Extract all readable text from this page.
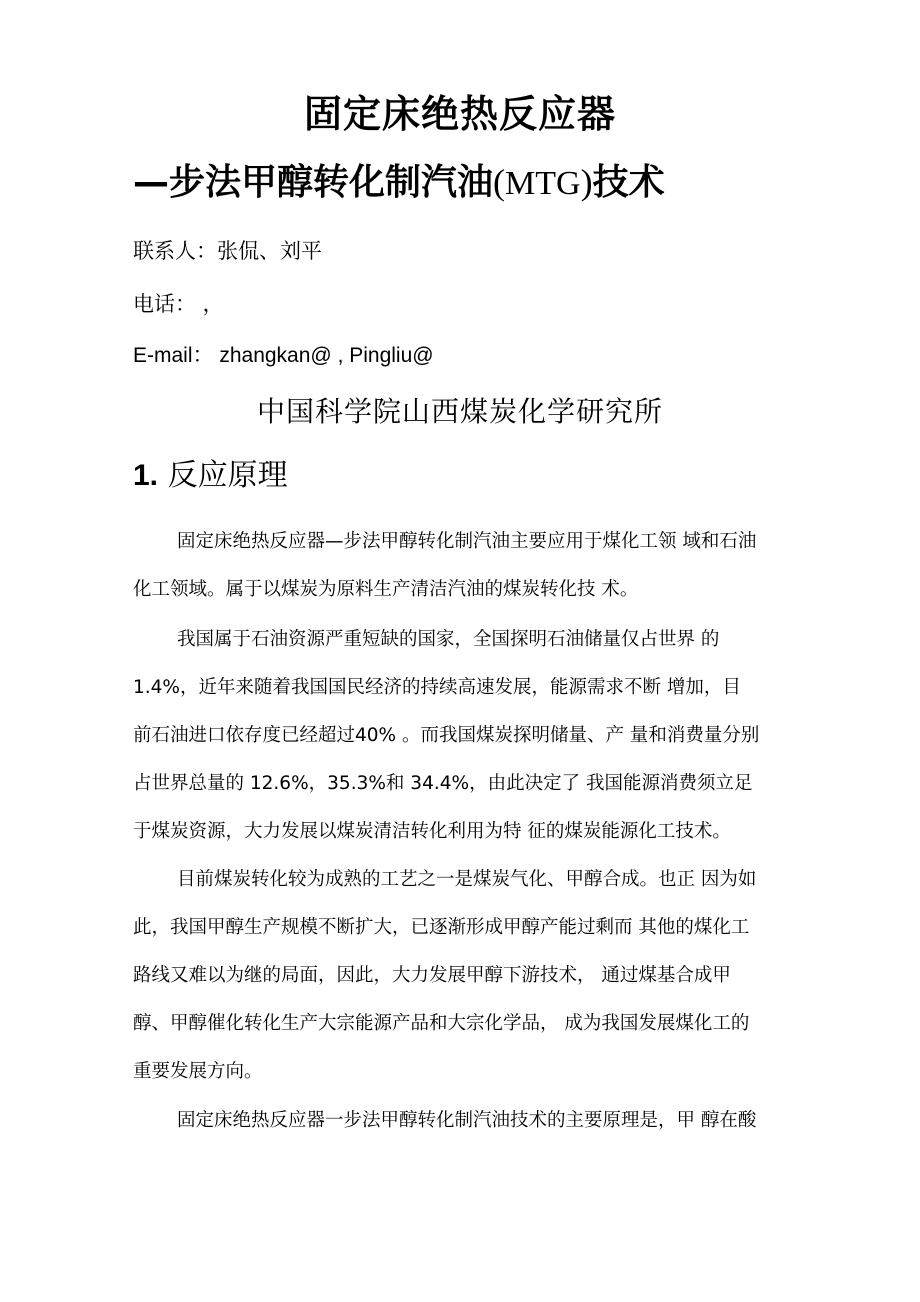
固定床绝热反应器
—步法甲醇转化制汽油(MTG)技术
联系人：张侃、刘平
电话： ，
E-mail： zhangkan@ , Pingliu@
中国科学院山西煤炭化学研究所
1. 反应原理
固定床绝热反应器—步法甲醇转化制汽油主要应用于煤化工领 域和石油
化工领域。属于以煤炭为原料生产清洁汽油的煤炭转化技 术。
我国属于石油资源严重短缺的国家，全国探明石油储量仅占世界 的
1.4%，近年来随着我国国民经济的持续高速发展，能源需求不断 增加，目
前石油进口依存度已经超过40% 。而我国煤炭探明储量、产 量和消费量分别
占世界总量的 12.6%，35.3%和 34.4%，由此决定了 我国能源消费须立足
于煤炭资源，大力发展以煤炭清洁转化利用为特 征的煤炭能源化工技术。
目前煤炭转化较为成熟的工艺之一是煤炭气化、甲醇合成。也正 因为如
此，我国甲醇生产规模不断扩大，已逐渐形成甲醇产能过剩而 其他的煤化工
路线又难以为继的局面，因此，大力发展甲醇下游技术， 通过煤基合成甲
醇、甲醇催化转化生产大宗能源产品和大宗化学品， 成为我国发展煤化工的
重要发展方向。
固定床绝热反应器一步法甲醇转化制汽油技术的主要原理是，甲 醇在酸
